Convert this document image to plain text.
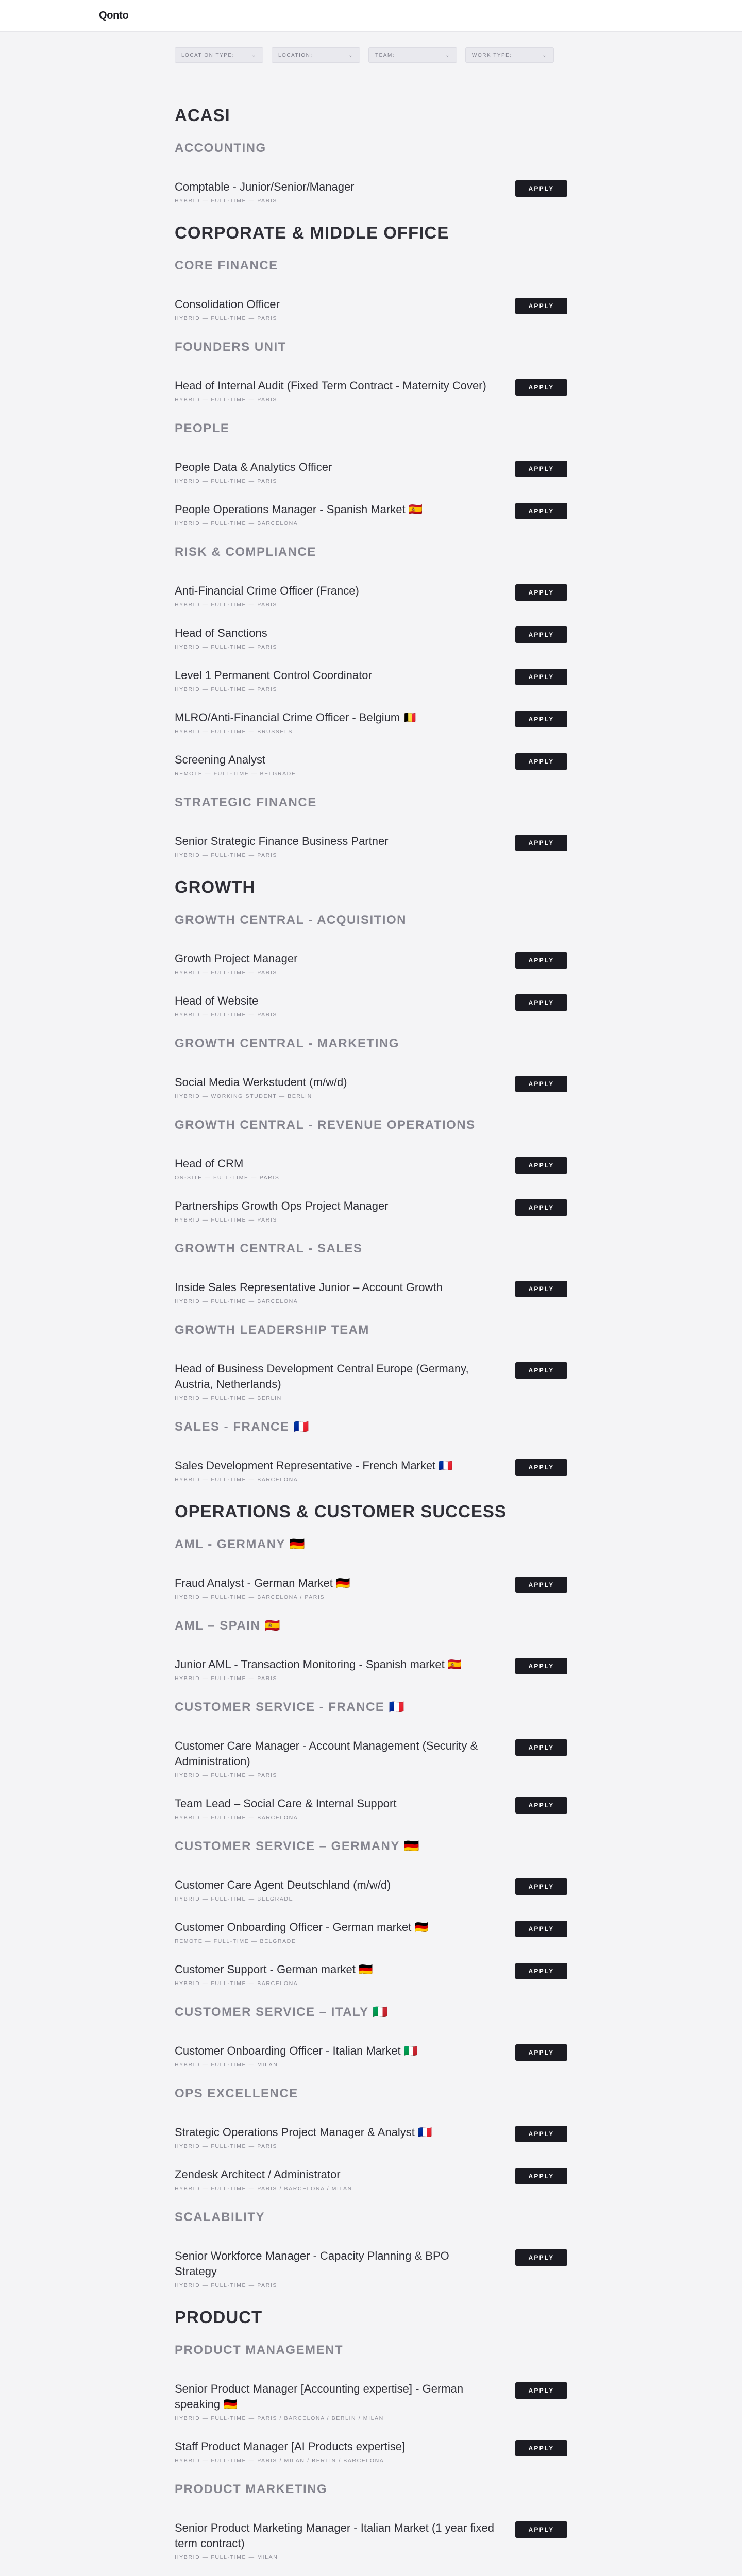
Qonto
LOCATION TYPE:	⌄	LOCATION:	⌄	TEAM:	⌄	WORK TYPE:	⌄
ACASI
ACCOUNTING
Comptable - Junior/Senior/Manager
HYBRID — FULL-TIME — PARIS
APPLY
CORPORATE & MIDDLE OFFICE
CORE FINANCE
Consolidation Officer
HYBRID — FULL-TIME — PARIS
APPLY
FOUNDERS UNIT
Head of Internal Audit (Fixed Term Contract - Maternity Cover)
HYBRID — FULL-TIME — PARIS
APPLY
PEOPLE
People Data & Analytics Officer
HYBRID — FULL-TIME — PARIS
APPLY
People Operations Manager - Spanish Market 🇪🇸
HYBRID — FULL-TIME — BARCELONA
APPLY
RISK & COMPLIANCE
Anti-Financial Crime Officer (France)
HYBRID — FULL-TIME — PARIS
APPLY
Head of Sanctions
HYBRID — FULL-TIME — PARIS
APPLY
Level 1 Permanent Control Coordinator
HYBRID — FULL-TIME — PARIS
APPLY
MLRO/Anti-Financial Crime Officer - Belgium 🇧🇪
HYBRID — FULL-TIME — BRUSSELS
APPLY
Screening Analyst
REMOTE — FULL-TIME — BELGRADE
APPLY
STRATEGIC FINANCE
Senior Strategic Finance Business Partner
HYBRID — FULL-TIME — PARIS
APPLY
GROWTH
GROWTH CENTRAL - ACQUISITION
Growth Project Manager
HYBRID — FULL-TIME — PARIS
APPLY
Head of Website
HYBRID — FULL-TIME — PARIS
APPLY
GROWTH CENTRAL - MARKETING
Social Media Werkstudent (m/w/d)
HYBRID — WORKING STUDENT — BERLIN
APPLY
GROWTH CENTRAL - REVENUE OPERATIONS
Head of CRM
ON-SITE — FULL-TIME — PARIS
APPLY
Partnerships Growth Ops Project Manager
HYBRID — FULL-TIME — PARIS
APPLY
GROWTH CENTRAL - SALES
Inside Sales Representative Junior – Account Growth
HYBRID — FULL-TIME — BARCELONA
APPLY
GROWTH LEADERSHIP TEAM
Head of Business Development Central Europe (Germany, Austria, Netherlands)
HYBRID — FULL-TIME — BERLIN
APPLY
SALES - FRANCE 🇫🇷
Sales Development Representative - French Market 🇫🇷
HYBRID — FULL-TIME — BARCELONA
APPLY
OPERATIONS & CUSTOMER SUCCESS
AML - GERMANY 🇩🇪
Fraud Analyst - German Market 🇩🇪
HYBRID — FULL-TIME — BARCELONA / PARIS
APPLY
AML – SPAIN 🇪🇸
Junior AML - Transaction Monitoring - Spanish market 🇪🇸
HYBRID — FULL-TIME — PARIS
APPLY
CUSTOMER SERVICE - FRANCE 🇫🇷
Customer Care Manager - Account Management (Security & Administration)
HYBRID — FULL-TIME — PARIS
APPLY
Team Lead – Social Care & Internal Support
HYBRID — FULL-TIME — BARCELONA
APPLY
CUSTOMER SERVICE – GERMANY 🇩🇪
Customer Care Agent Deutschland (m/w/d)
HYBRID — FULL-TIME — BELGRADE
APPLY
Customer Onboarding Officer - German market 🇩🇪
REMOTE — FULL-TIME — BELGRADE
APPLY
Customer Support - German market 🇩🇪
HYBRID — FULL-TIME — BARCELONA
APPLY
CUSTOMER SERVICE – ITALY 🇮🇹
Customer Onboarding Officer - Italian Market 🇮🇹
HYBRID — FULL-TIME — MILAN
APPLY
OPS EXCELLENCE
Strategic Operations Project Manager & Analyst 🇫🇷
HYBRID — FULL-TIME — PARIS
APPLY
Zendesk Architect / Administrator
HYBRID — FULL-TIME — PARIS / BARCELONA / MILAN
APPLY
SCALABILITY
Senior Workforce Manager - Capacity Planning & BPO Strategy
HYBRID — FULL-TIME — PARIS
APPLY
PRODUCT
PRODUCT MANAGEMENT
Senior Product Manager [Accounting expertise] - German speaking 🇩🇪
HYBRID — FULL-TIME — PARIS / BARCELONA / BERLIN / MILAN
APPLY
Staff Product Manager [AI Products expertise]
HYBRID — FULL-TIME — PARIS / MILAN / BERLIN / BARCELONA
APPLY
PRODUCT MARKETING
Senior Product Marketing Manager - Italian Market (1 year fixed term contract)
HYBRID — FULL-TIME — MILAN
APPLY
